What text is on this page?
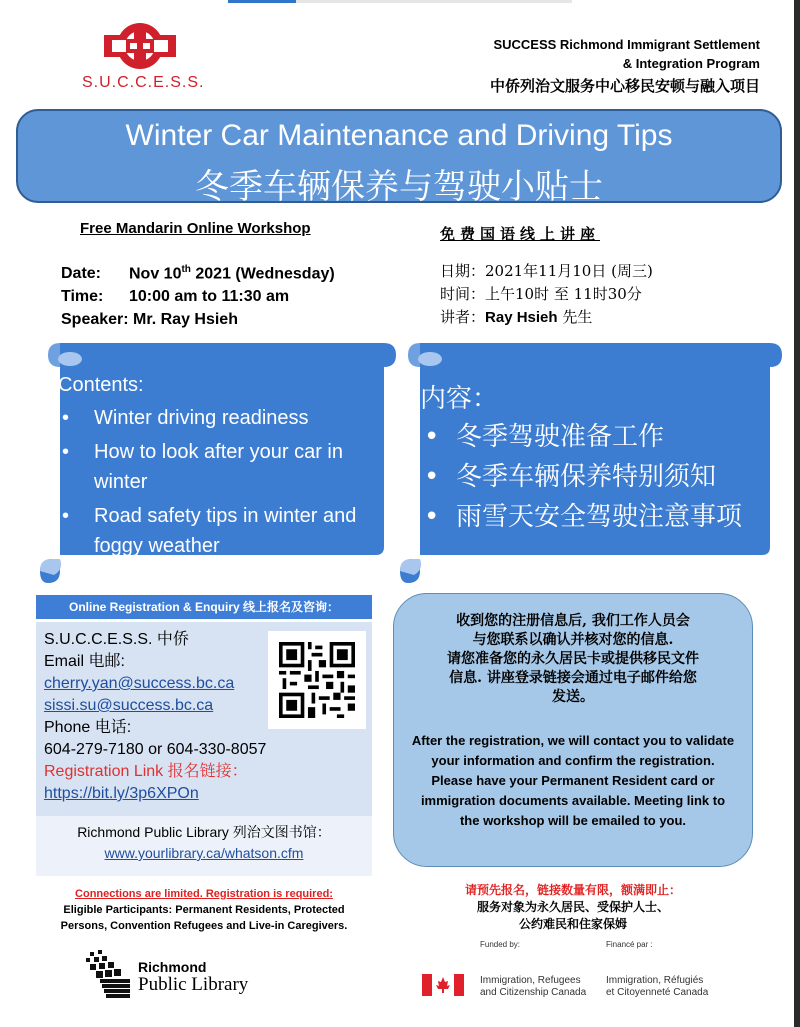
S.U.C.C.E.S.S.
SUCCESS Richmond Immigrant Settlement
& Integration Program
中侨列治文服务中心移民安顿与融入项目
Winter Car Maintenance and Driving Tips
冬季车辆保养与驾驶小贴士
Free Mandarin Online Workshop	免费国语线上讲座
Date: Nov 10th 2021 (Wednesday)
Time: 10:00 am to 11:30 am
Speaker: Mr. Ray Hsieh
日期：2021年11月10日 (周三)
时间：上午10时 至 11时30分
讲者：Ray Hsieh 先生
Contents:
• Winter driving readiness
• How to look after your car in winter
• Road safety tips in winter and foggy weather
内容：
• 冬季驾驶准备工作
• 冬季车辆保养特别须知
• 雨雪天安全驾驶注意事项
Online Registration & Enquiry 线上报名及咨询：
S.U.C.C.E.S.S. 中侨
Email 电邮:
cherry.yan@success.bc.ca
sissi.su@success.bc.ca
Phone 电话:
604-279-7180 or 604-330-8057
Registration Link 报名链接：
https://bit.ly/3p6XPOn
Richmond Public Library 列治文图书馆：
www.yourlibrary.ca/whatson.cfm
收到您的注册信息后, 我们工作人员会
与您联系以确认并核对您的信息.
请您准备您的永久居民卡或提供移民文件
信息. 讲座登录链接会通过电子邮件给您
发送。
After the registration, we will contact you to validate your information and confirm the registration. Please have your Permanent Resident card or immigration documents available. Meeting link to the workshop will be emailed to you.
Connections are limited. Registration is required:
Eligible Participants: Permanent Residents, Protected
Persons, Convention Refugees and Live-in Caregivers.
请预先报名，链接数量有限，额满即止：
服务对象为永久居民、受保护人士、
公约难民和住家保姆
Richmond
Public Library
Funded by:	Financé par :
Immigration, Refugees
and Citizenship Canada
Immigration, Réfugiés
et Citoyenneté Canada
